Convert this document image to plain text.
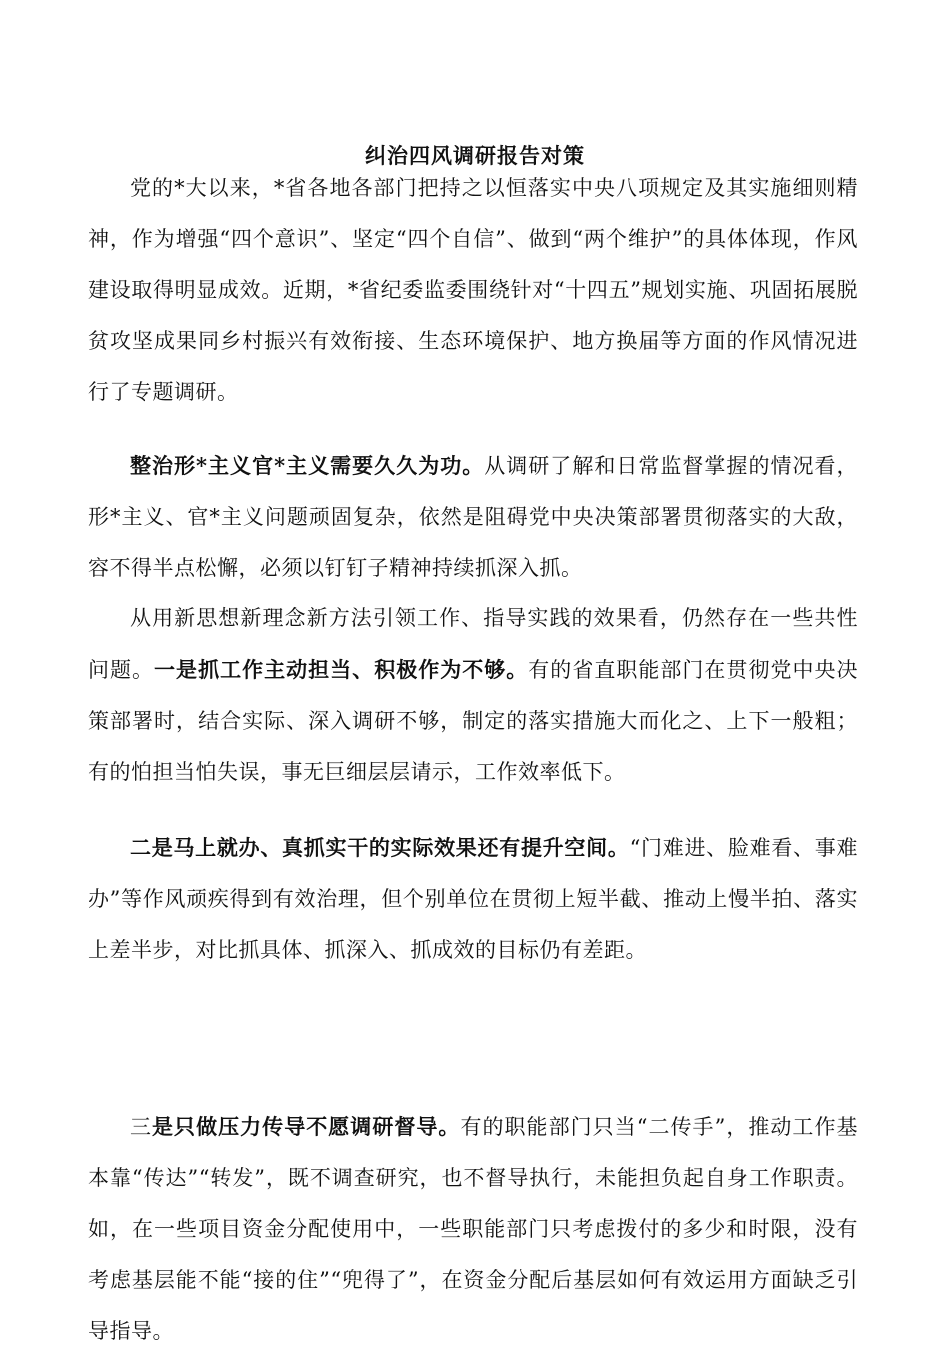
纠治四风调研报告对策

党的*大以来，*省各地各部门把持之以恒落实中央八项规定及其实施细则精神，作为增强“四个意识”、坚定“四个自信”、做到“两个维护”的具体体现，作风建设取得明显成效。近期，*省纪委监委围绕针对“十四五”规划实施、巩固拓展脱贫攻坚成果同乡村振兴有效衔接、生态环境保护、地方换届等方面的作风情况进行了专题调研。

整治形*主义官*主义需要久久为功。从调研了解和日常监督掌握的情况看，形*主义、官*主义问题顽固复杂，依然是阻碍党中央决策部署贯彻落实的大敌，容不得半点松懈，必须以钉钉子精神持续抓深入抓。

从用新思想新理念新方法引领工作、指导实践的效果看，仍然存在一些共性问题。一是抓工作主动担当、积极作为不够。有的省直职能部门在贯彻党中央决策部署时，结合实际、深入调研不够，制定的落实措施大而化之、上下一般粗；有的怕担当怕失误，事无巨细层层请示，工作效率低下。

二是马上就办、真抓实干的实际效果还有提升空间。“门难进、脸难看、事难办”等作风顽疾得到有效治理，但个别单位在贯彻上短半截、推动上慢半拍、落实上差半步，对比抓具体、抓深入、抓成效的目标仍有差距。

三是只做压力传导不愿调研督导。有的职能部门只当“二传手”，推动工作基本靠“传达”“转发”，既不调查研究，也不督导执行，未能担负起自身工作职责。如，在一些项目资金分配使用中，一些职能部门只考虑拨付的多少和时限，没有考虑基层能不能“接的住”“兜得了”，在资金分配后基层如何有效运用方面缺乏引导指导。
